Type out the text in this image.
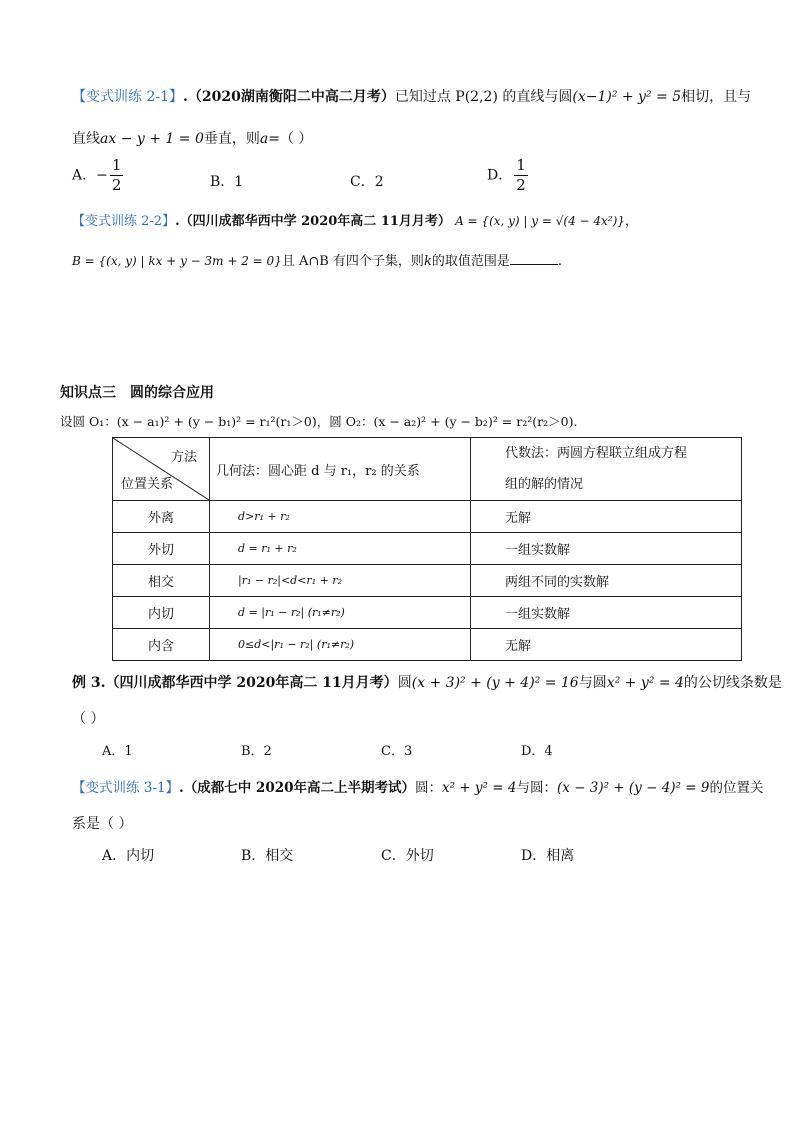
【变式训练 2-1】.（2020湖南衡阳二中高二月考）已知过点 P(2,2) 的直线与圆(x−1)² + y² = 5相切，且与
直线ax − y + 1 = 0垂直，则a=（ ）
A．− $\frac{1}{2}$	B．1	C．2	D． $\frac{1}{2}$
【变式训练 2-2】.（四川成都华西中学 2020年高二 11月月考） A = {(x, y) | y = √(4 − 4x²)}，
B = {(x, y) | kx + y − 3m + 2 = 0}且 A∩B 有四个子集，则k的取值范围是	.
知识点三　圆的综合应用
设圆 O₁：(x − a₁)² + (y − b₁)² = r₁²(r₁＞0)，圆 O₂：(x − a₂)² + (y − b₂)² = r₂²(r₂＞0).
方法
位置关系	几何法：圆心距 d 与 r₁，r₂ 的关系	代数法：两圆方程联立组成方程
组的解的情况
外离	d>r₁ + r₂	无解
外切	d = r₁ + r₂	一组实数解
相交	|r₁ − r₂|<d<r₁ + r₂	两组不同的实数解
内切	d = |r₁ − r₂| (r₁≠r₂)	一组实数解
内含	0≤d<|r₁ − r₂| (r₁≠r₂)	无解
例 3.（四川成都华西中学 2020年高二 11月月考）圆(x + 3)² + (y + 4)² = 16与圆x² + y² = 4的公切线条数是
（ ）
A．1	B．2	C．3	D．4
【变式训练 3-1】.（成都七中 2020年高二上半期考试）圆：x² + y² = 4与圆：(x − 3)² + (y − 4)² = 9的位置关
系是（ ）
A．内切	B．相交	C．外切	D．相离
